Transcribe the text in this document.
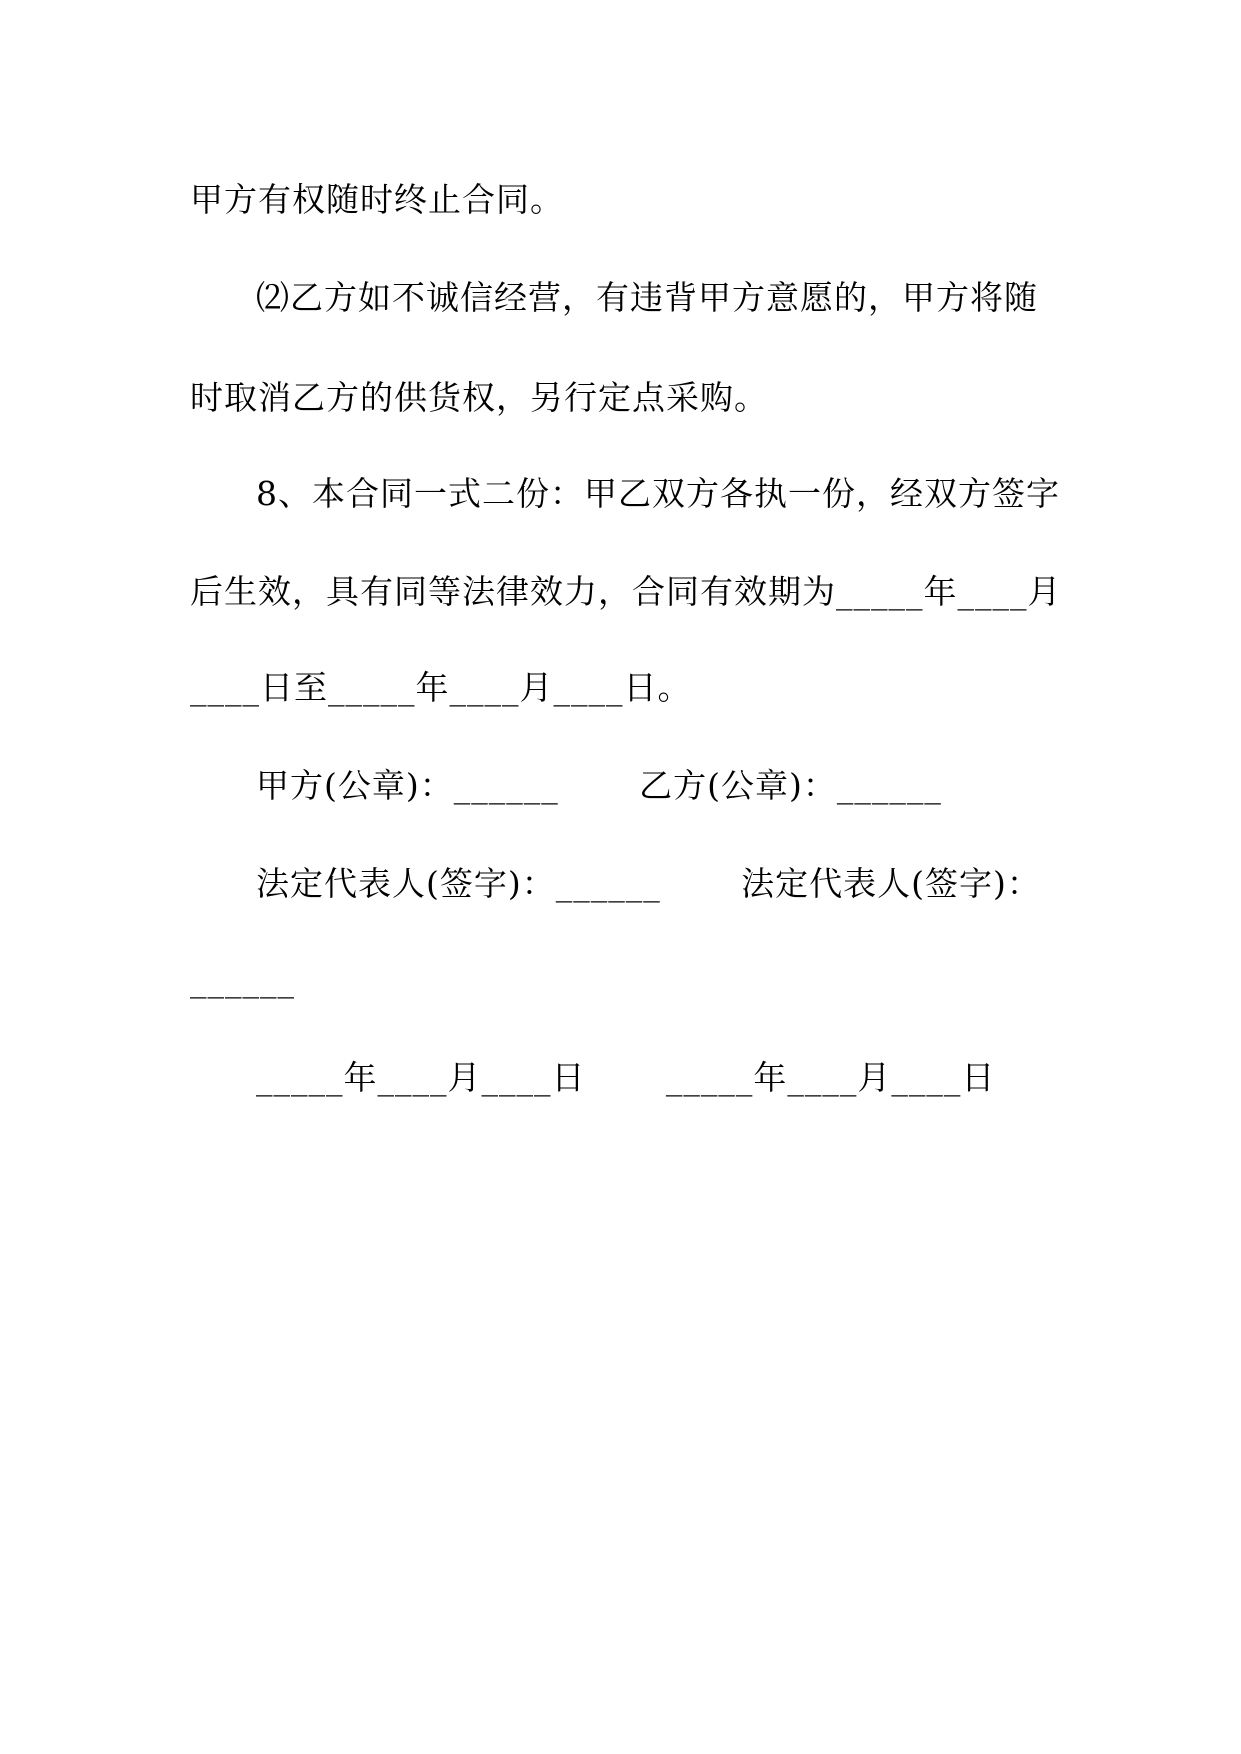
甲方有权随时终止合同。
⑵乙方如不诚信经营，有违背甲方意愿的，甲方将随
时取消乙方的供货权，另行定点采购。
8、本合同一式二份：甲乙双方各执一份，经双方签字
后生效，具有同等法律效力，合同有效期为_____年____月
____日至_____年____月____日。
甲方(公章)：______       乙方(公章)：______
法定代表人(签字)：______       法定代表人(签字)：
______
_____年____月____日       _____年____月____日
